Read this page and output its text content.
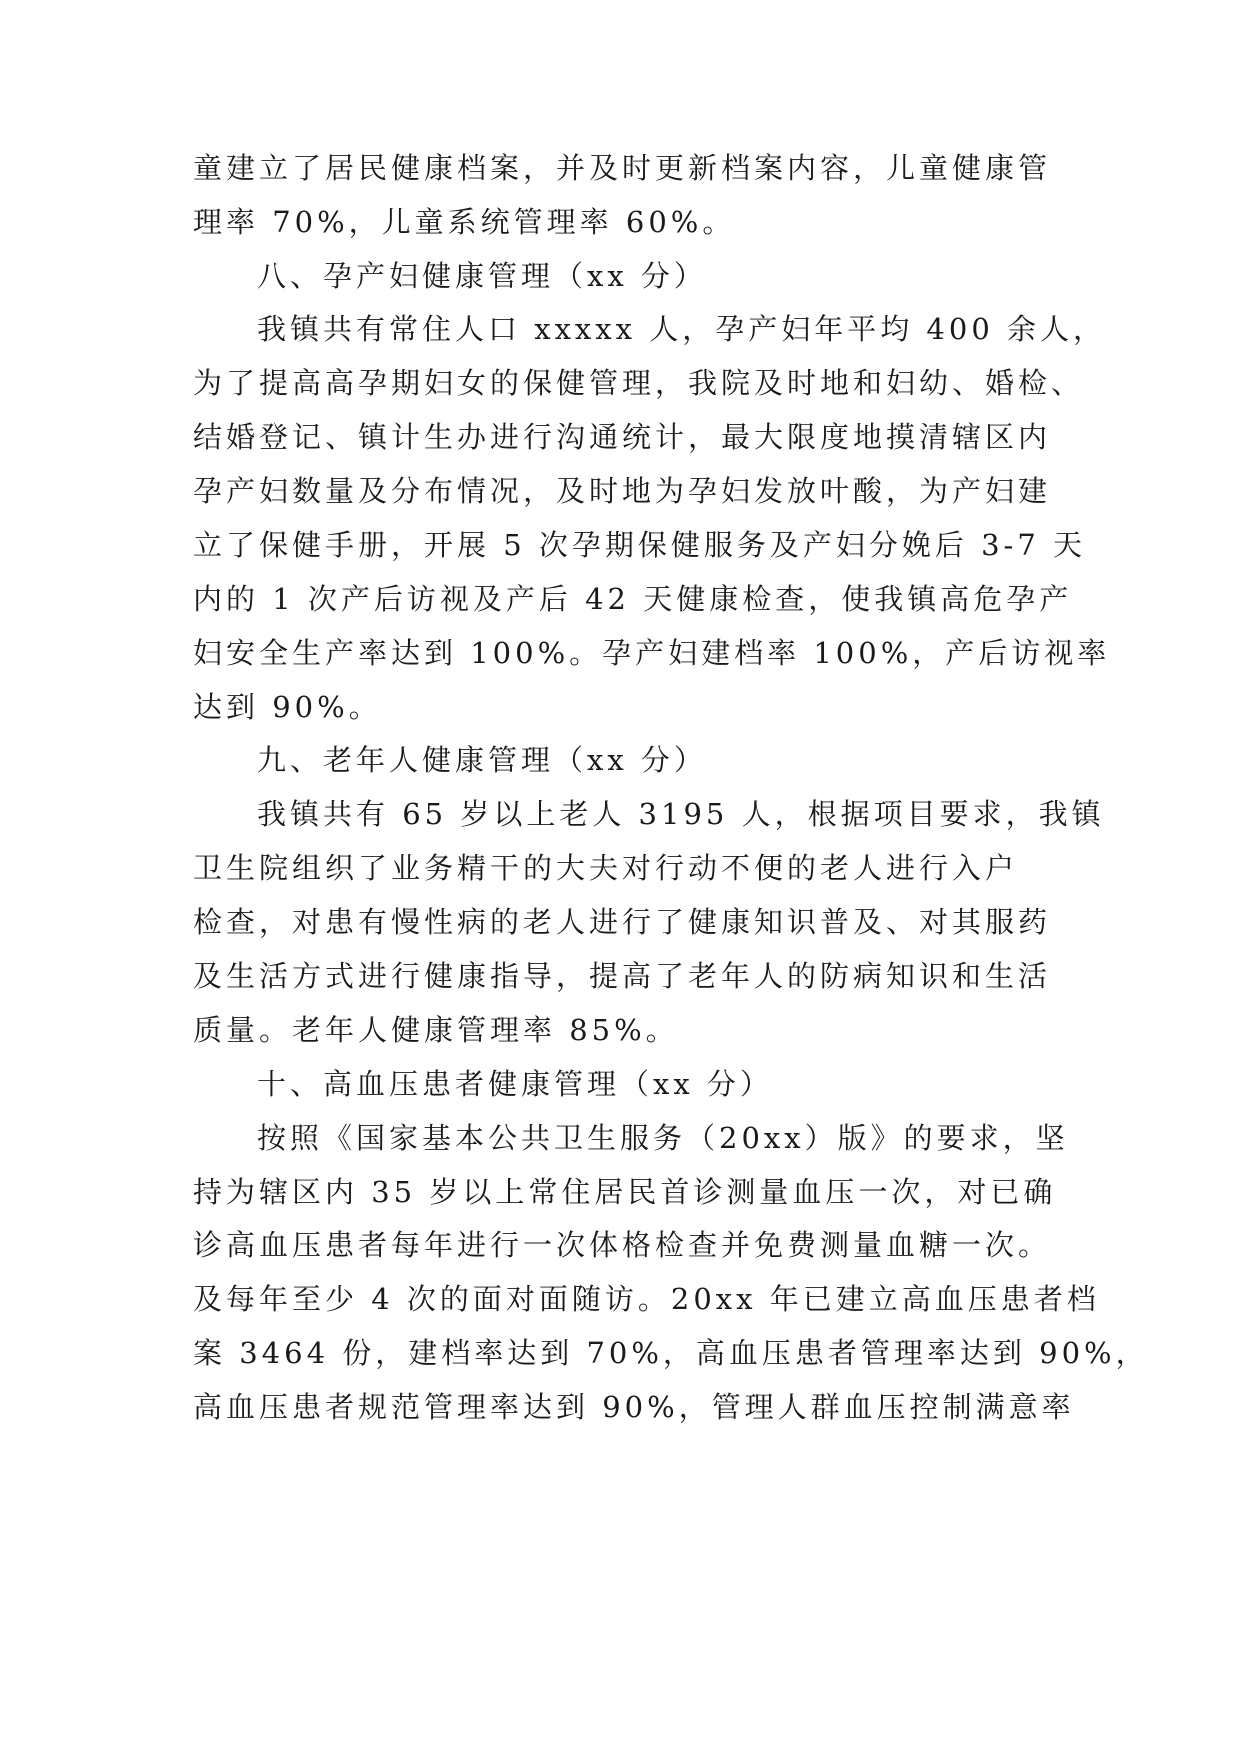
童建立了居民健康档案，并及时更新档案内容，儿童健康管

理率 70%，儿童系统管理率 60%。

八、孕产妇健康管理（xx 分）

我镇共有常住人口 xxxxx 人，孕产妇年平均 400 余人，

为了提高高孕期妇女的保健管理，我院及时地和妇幼、婚检、

结婚登记、镇计生办进行沟通统计，最大限度地摸清辖区内

孕产妇数量及分布情况，及时地为孕妇发放叶酸，为产妇建

立了保健手册，开展 5 次孕期保健服务及产妇分娩后 3-7 天

内的 1 次产后访视及产后 42 天健康检查，使我镇高危孕产

妇安全生产率达到 100%。孕产妇建档率 100%，产后访视率

达到 90%。

九、老年人健康管理（xx 分）

我镇共有 65 岁以上老人 3195 人，根据项目要求，我镇

卫生院组织了业务精干的大夫对行动不便的老人进行入户

检查，对患有慢性病的老人进行了健康知识普及、对其服药

及生活方式进行健康指导，提高了老年人的防病知识和生活

质量。老年人健康管理率 85%。

十、高血压患者健康管理（xx 分）

按照《国家基本公共卫生服务（20xx）版》的要求，坚

持为辖区内 35 岁以上常住居民首诊测量血压一次，对已确

诊高血压患者每年进行一次体格检查并免费测量血糖一次。

及每年至少 4 次的面对面随访。20xx 年已建立高血压患者档

案 3464 份，建档率达到 70%，高血压患者管理率达到 90%，

高血压患者规范管理率达到 90%，管理人群血压控制满意率
